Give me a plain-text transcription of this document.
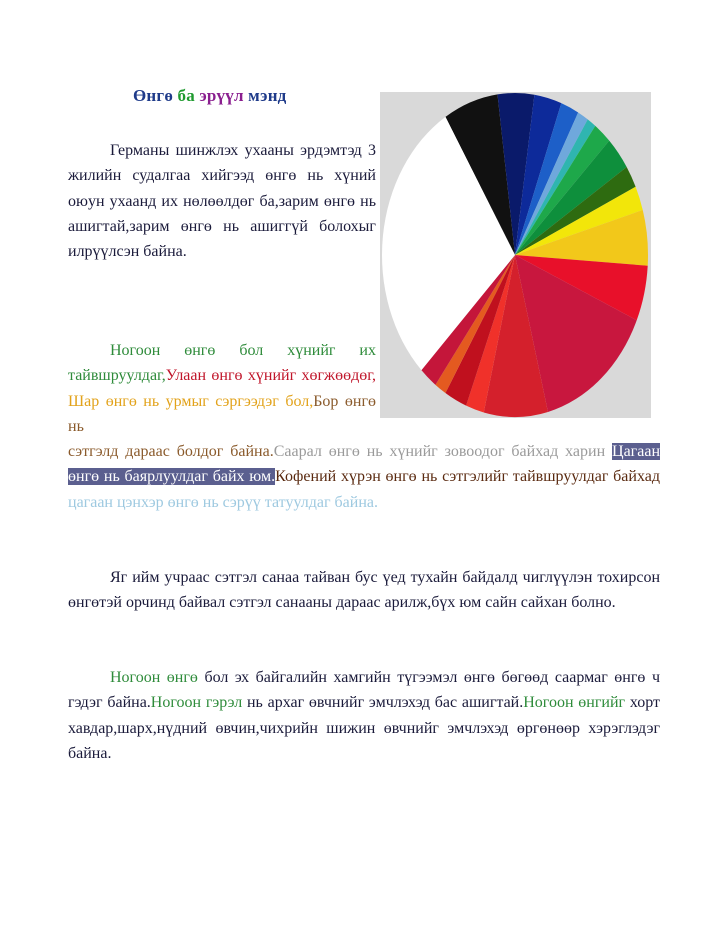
Өнгө ба эрүүл мэнд

Германы шинжлэх ухааны эрдэмтэд 3 жилийн судалгаа хийгээд өнгө нь хүний оюун ухаанд их нөлөөлдөг ба,зарим өнгө нь ашигтай,зарим өнгө нь ашиггүй болохыг илрүүлсэн байна.

Ногоон өнгө бол хүнийг их тайвшруулдаг,Улаан өнгө хүнийг хөгжөөдөг, Шар өнгө нь урмыг сэргээдэг бол,Бор өнгө нь

сэтгэлд дараас болдог байна.Саарал өнгө нь хүнийг зовоодог байхад харин Цагаан өнгө нь баярлуулдаг байх юм.Кофений хүрэн өнгө нь сэтгэлийг тайвшруулдаг байхад цагаан цэнхэр өнгө нь сэрүү татуулдаг байна.

Яг ийм учраас сэтгэл санаа тайван бус үед тухайн байдалд чиглүүлэн тохирсон өнгөтэй орчинд байвал сэтгэл санааны дараас арилж,бүх юм сайн сайхан болно.

Ногоон өнгө бол эх байгалийн хамгийн түгээмэл өнгө бөгөөд саармаг өнгө ч гэдэг байна.Ногоон гэрэл нь архаг өвчнийг эмчлэхэд бас ашигтай.Ногоон өнгийг хорт хавдар,шарх,нүдний өвчин,чихрийн шижин өвчнийг эмчлэхэд өргөнөөр хэрэглэдэг байна.
